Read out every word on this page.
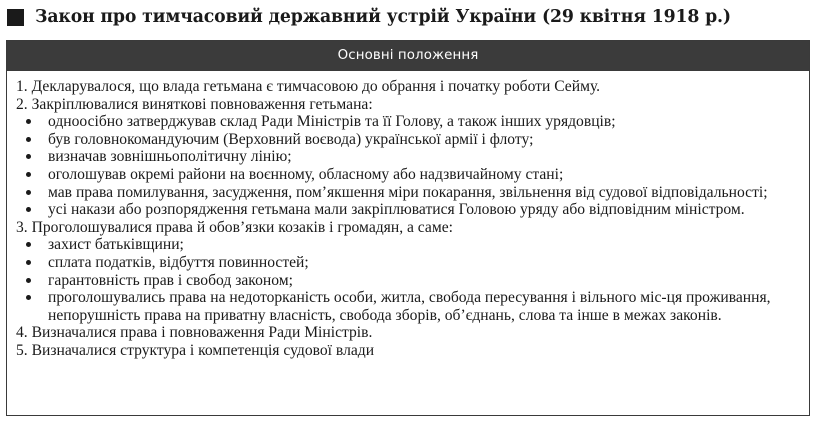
Закон про тимчасовий державний устрій України (29 квітня 1918 р.)
Основні положення
1. Декларувалося, що влада гетьмана є тимчасовою до обрання і початку роботи Сейму.
2. Закріплювалися виняткові повноваження гетьмана:
одноосібно затверджував склад Ради Міністрів та її Голову, а також інших урядовців;
був головнокомандуючим (Верховний воєвода) української армії і флоту;
визначав зовнішньополітичну лінію;
оголошував окремі райони на воєнному, обласному або надзвичайному стані;
мав права помилування, засудження, пом’якшення міри покарання, звільнення від судової відповідальності;
усі накази або розпорядження гетьмана мали закріплюватися Головою уряду або відповідним міністром.
3. Проголошувалися права й обов’язки козаків і громадян, а саме:
захист батьківщини;
сплата податків, відбуття повинностей;
гарантовність прав і свобод законом;
проголошувались права на недоторканість особи, житла, свобода пересування і вільного міс-ця проживання, непорушність права на приватну власність, свобода зборів, об’єднань, слова та інше в межах законів.
4. Визначалися права і повноваження Ради Міністрів.
5. Визначалися структура і компетенція судової влади
